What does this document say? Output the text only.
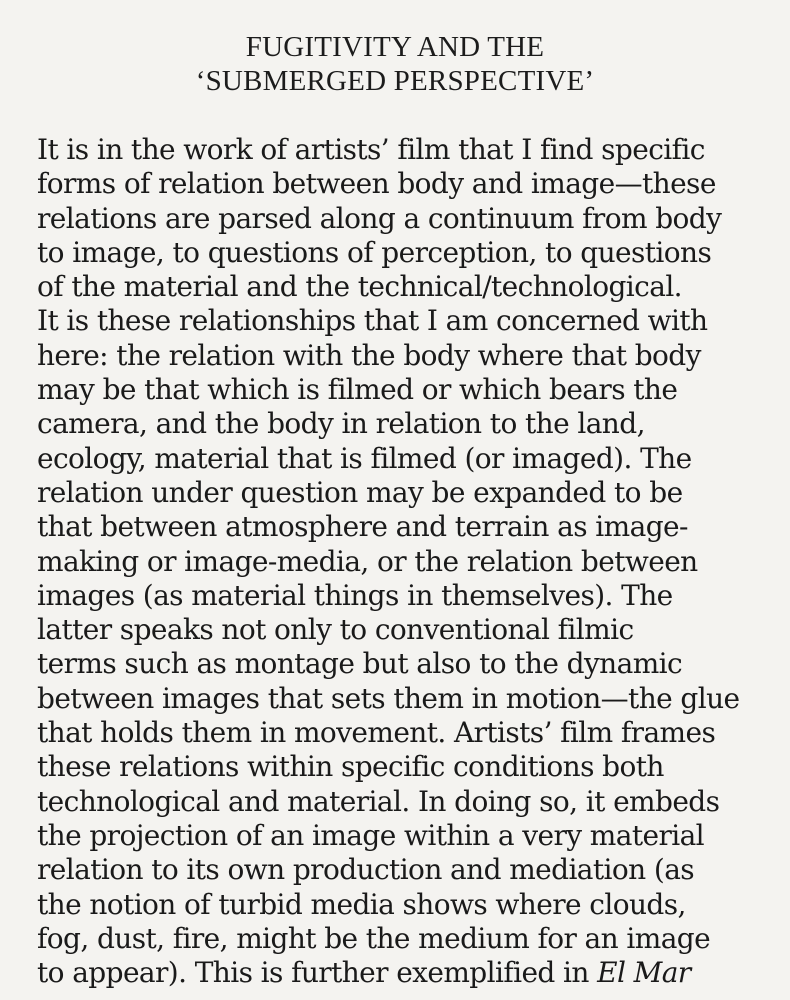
FUGITIVITY AND THE
‘SUBMERGED PERSPECTIVE’
It is in the work of artists’ film that I find specific
forms of relation between body and image—these
relations are parsed along a continuum from body
to image, to questions of perception, to questions
of the material and the technical/technological.
It is these relationships that I am concerned with
here: the relation with the body where that body
may be that which is filmed or which bears the
camera, and the body in relation to the land,
ecology, material that is filmed (or imaged). The
relation under question may be expanded to be
that between atmosphere and terrain as image-
making or image-media, or the relation between
images (as material things in themselves). The
latter speaks not only to conventional filmic
terms such as montage but also to the dynamic
between images that sets them in motion—the glue
that holds them in movement. Artists’ film frames
these relations within specific conditions both
technological and material. In doing so, it embeds
the projection of an image within a very material
relation to its own production and mediation (as
the notion of turbid media shows where clouds,
fog, dust, fire, might be the medium for an image
to appear). This is further exemplified in El Mar
